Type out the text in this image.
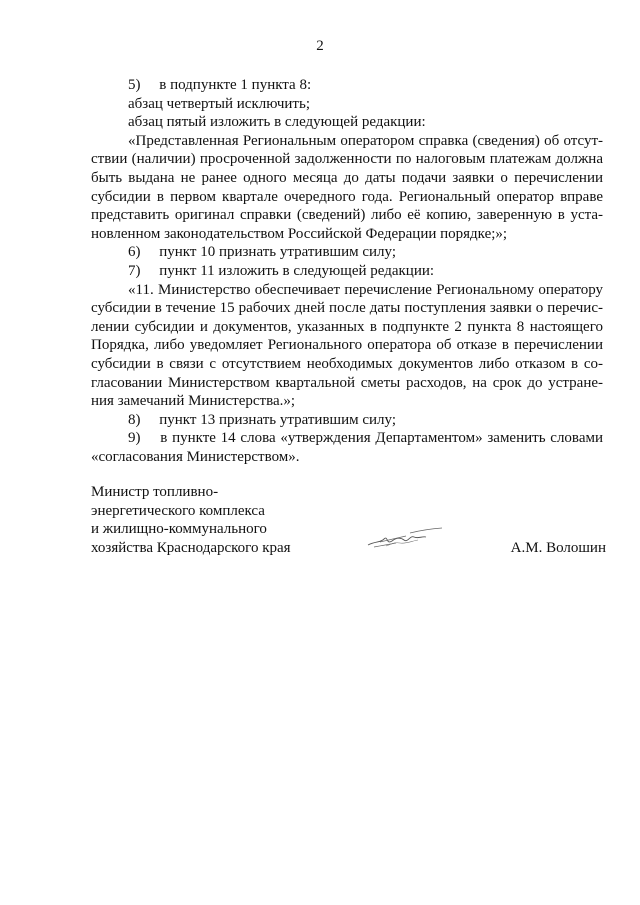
2
5)  в подпункте 1 пункта 8:
абзац четвертый исключить;
абзац пятый изложить в следующей редакции:
«Представленная Региональным оператором справка (сведения) об отсут-
ствии (наличии) просроченной задолженности по налоговым платежам должна
быть выдана не ранее одного месяца до даты подачи заявки о перечислении
субсидии в первом квартале очередного года. Региональный оператор вправе
представить оригинал справки (сведений) либо её копию, заверенную в уста-
новленном законодательством Российской Федерации порядке;»;
6)  пункт 10 признать утратившим силу;
7)  пункт 11 изложить в следующей редакции:
«11. Министерство обеспечивает перечисление Региональному оператору
субсидии в течение 15 рабочих дней после даты поступления заявки о перечис-
лении субсидии и документов, указанных в подпункте 2 пункта 8 настоящего
Порядка, либо уведомляет Регионального оператора об отказе в перечислении
субсидии в связи с отсутствием необходимых документов либо отказом в со-
гласовании Министерством квартальной сметы расходов, на срок до устране-
ния замечаний Министерства.»;
8)  пункт 13 признать утратившим силу;
9)  в пункте 14 слова «утверждения Департаментом» заменить словами
«согласования Министерством».
Министр топливно-
энергетического комплекса
и жилищно-коммунального
хозяйства Краснодарского края	А.М. Волошин
